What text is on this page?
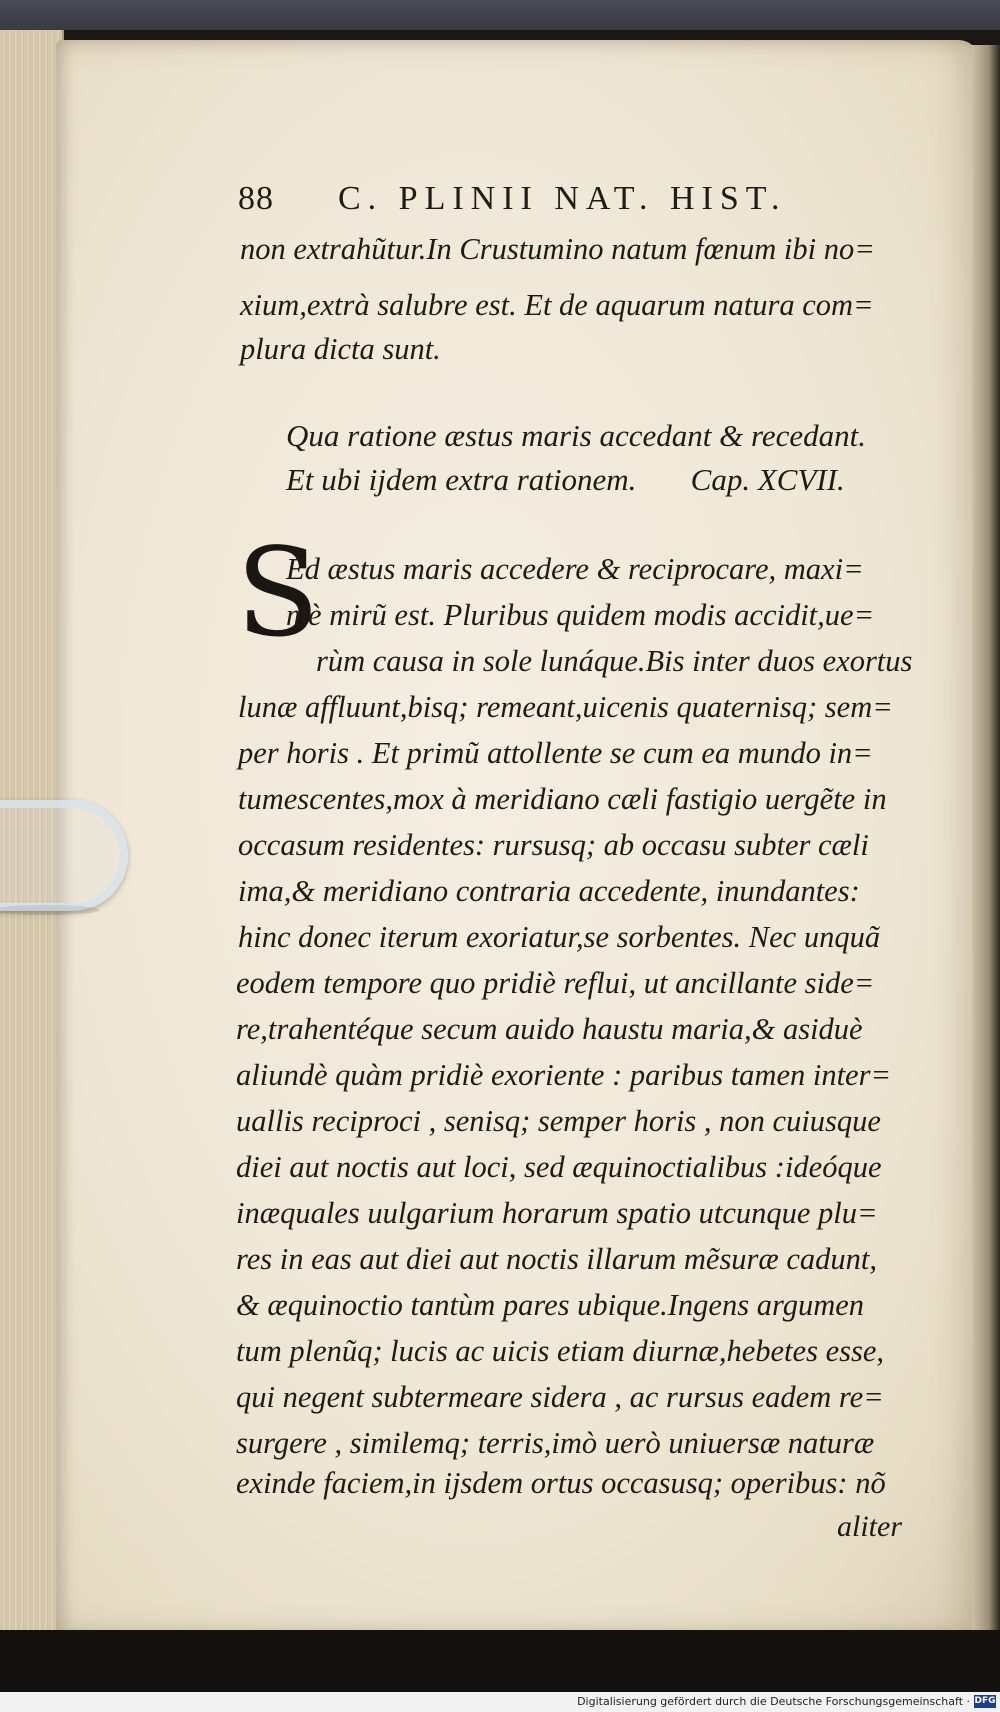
88 C. PLINII NAT. HIST.
non extrahũtur.In Crustumino natum fœnum ibi no=
xium,extrà salubre est. Et de aquarum natura com=
plura dicta sunt.
Qua ratione æstus maris accedant & recedant.
Et ubi ijdem extra rationem.       Cap. XCVII.
S
Ed æstus maris accedere & reciprocare, maxi=
mè mirũ est. Pluribus quidem modis accidit,ue=
rùm causa in sole lunáque.Bis inter duos exortus
lunæ affluunt,bisq; remeant,uicenis quaternisq; sem=
per horis . Et primũ attollente se cum ea mundo in=
tumescentes,mox à meridiano cæli fastigio uergẽte in
occasum residentes: rursusq; ab occasu subter cæli
ima,& meridiano contraria accedente, inundantes:
hinc donec iterum exoriatur,se sorbentes. Nec unquã
eodem tempore quo pridiè reflui, ut ancillante side=
re,trahentéque secum auido haustu maria,& asiduè
aliundè quàm pridiè exoriente : paribus tamen inter=
uallis reciproci , senisq; semper horis , non cuiusque
diei aut noctis aut loci, sed æquinoctialibus :ideóque
inæquales uulgarium horarum spatio utcunque plu=
res in eas aut diei aut noctis illarum mẽsuræ cadunt,
& æquinoctio tantùm pares ubique.Ingens argumen
tum plenũq; lucis ac uicis etiam diurnæ,hebetes esse,
qui negent subtermeare sidera , ac rursus eadem re=
surgere , similemq; terris,imò uerò uniuersæ naturæ
exinde faciem,in ijsdem ortus occasusq; operibus: nõ
aliter
Digitalisierung gefördert durch die Deutsche Forschungsgemeinschaft · DFG
